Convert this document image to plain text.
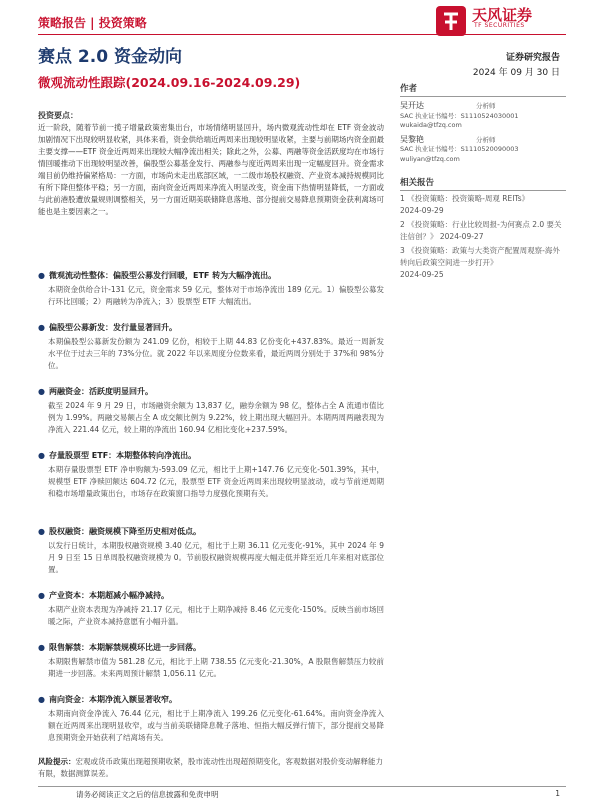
策略报告 | 投资策略	天风证券
TF SECURITIES
赛点 2.0 资金动向
微观流动性跟踪(2024.09.16-2024.09.29)
证券研究报告
2024 年 09 月 30 日
作者
吴开达	分析师
SAC 执业证书编号：S1110524030001
wukaida@tfzq.com
吴黎艳	分析师
SAC 执业证书编号：S1110520090003
wuliyan@tfzq.com
相关报告
1 《投资策略：投资策略-周观 REITs》
2024-09-29
2 《投资策略：行业比较周报-为何赛点 2.0 要关注信创？》 2024-09-27
3 《投资策略：政策与大类资产配置周观察-海外转向后政策空间进一步打开》
2024-09-25
投资要点：
近一阶段，随着节前一揽子增量政策密集出台，市场情绪明显回升，场内微观流动性却在 ETF 资金波动加剧情况下出现较明显收紧，具体来看，资金供给端近两周来出现较明显收紧，主要与前期场内资金面最主要支撑——ETF 资金近两周来出现较大幅净流出相关；除此之外，公募、两融等资金活跃度均在市场行情回暖推动下出现较明显改善，偏股型公募基金发行、两融参与度近两周来出现一定幅度回升。资金需求端目前仍维持偏紧格局：一方面，市场尚未走出底部区域，一二级市场股权融资、产业资本减持规模同比有所下降但整体平稳；另一方面，南向资金近两周来净流入明显改变，资金南下热情明显降低，一方面或与此前港股遭放量规则调整相关，另一方面近期美联储降息落地、部分提前交易降息预期资金获利离场可能也是主要因素之一。
● 微观流动性整体：偏股型公募发行回暖，ETF 转为大幅净流出。
本期资金供给合计-131 亿元，资金需求 59 亿元，整体对于市场净流出 189 亿元。1）偏股型公募发行环比回暖；2）两融转为净流入；3）股票型 ETF 大幅流出。
● 偏股型公募新发：发行量显著回升。
本期偏股型公募新发份额为 241.09 亿份，相较于上期 44.83 亿份变化+437.83%。最近一周新发水平位于过去三年的 73%分位。就 2022 年以来周度分位数来看，最近两周分别处于 37%和 98%分位。
● 两融资金：活跃度明显回升。
截至 2024 年 9 月 29 日，市场融资余额为 13,837 亿，融券余额为 98 亿，整体占全 A 流通市值比例为 1.99%。两融交易额占全 A 成交额比例为 9.22%，较上期出现大幅回升。本期两周两融表现为净流入 221.44 亿元，较上期的净流出 160.94 亿相比变化+237.59%。
● 存量股票型 ETF：本期整体转向净流出。
本期存量股票型 ETF 净申购额为-593.09 亿元，相比于上期+147.76 亿元变化-501.39%，其中，规模型 ETF 净赎回额达 604.72 亿元，股票型 ETF 资金近两周来出现较明显波动，或与节前逆周期和稳市场增量政策出台，市场存在政策窗口指导力度强化预期有关。
● 股权融资：融资规模下降至历史相对低点。
以发行日统计，本期股权融资规模 3.40 亿元，相比于上期 36.11 亿元变化-91%，其中 2024 年 9 月 9 日至 15 日单周股权融资规模为 0。节前股权融资规模再度大幅走低并降至近几年来相对底部位置。
● 产业资本：本期超减小幅净减持。
本期产业资本表现为净减持 21.17 亿元，相比于上期净减持 8.46 亿元变化-150%。反映当前市场回暖之际，产业资本减持意愿有小幅升温。
● 限售解禁：本期解禁规模环比进一步回落。
本期限售解禁市值为 581.28 亿元，相比于上期 738.55 亿元变化-21.30%，A 股限售解禁压力较前期进一步回落。未来两周预计解禁 1,056.11 亿元。
● 南向资金：本期净流入额显著收窄。
本期南向资金净流入 76.44 亿元，相比于上期净流入 199.26 亿元变化-61.64%。南向资金净流入额在近两周来出现明显收窄，或与当前美联储降息靴子落地、恒指大幅反弹行情下，部分提前交易降息预期资金开始获利了结离场有关。
风险提示：宏观或货币政策出现超预期收紧，股市流动性出现超预期变化，客观数据对股价变动解释能力有限，数据测算误差。
请务必阅读正文之后的信息披露和免责申明	1
